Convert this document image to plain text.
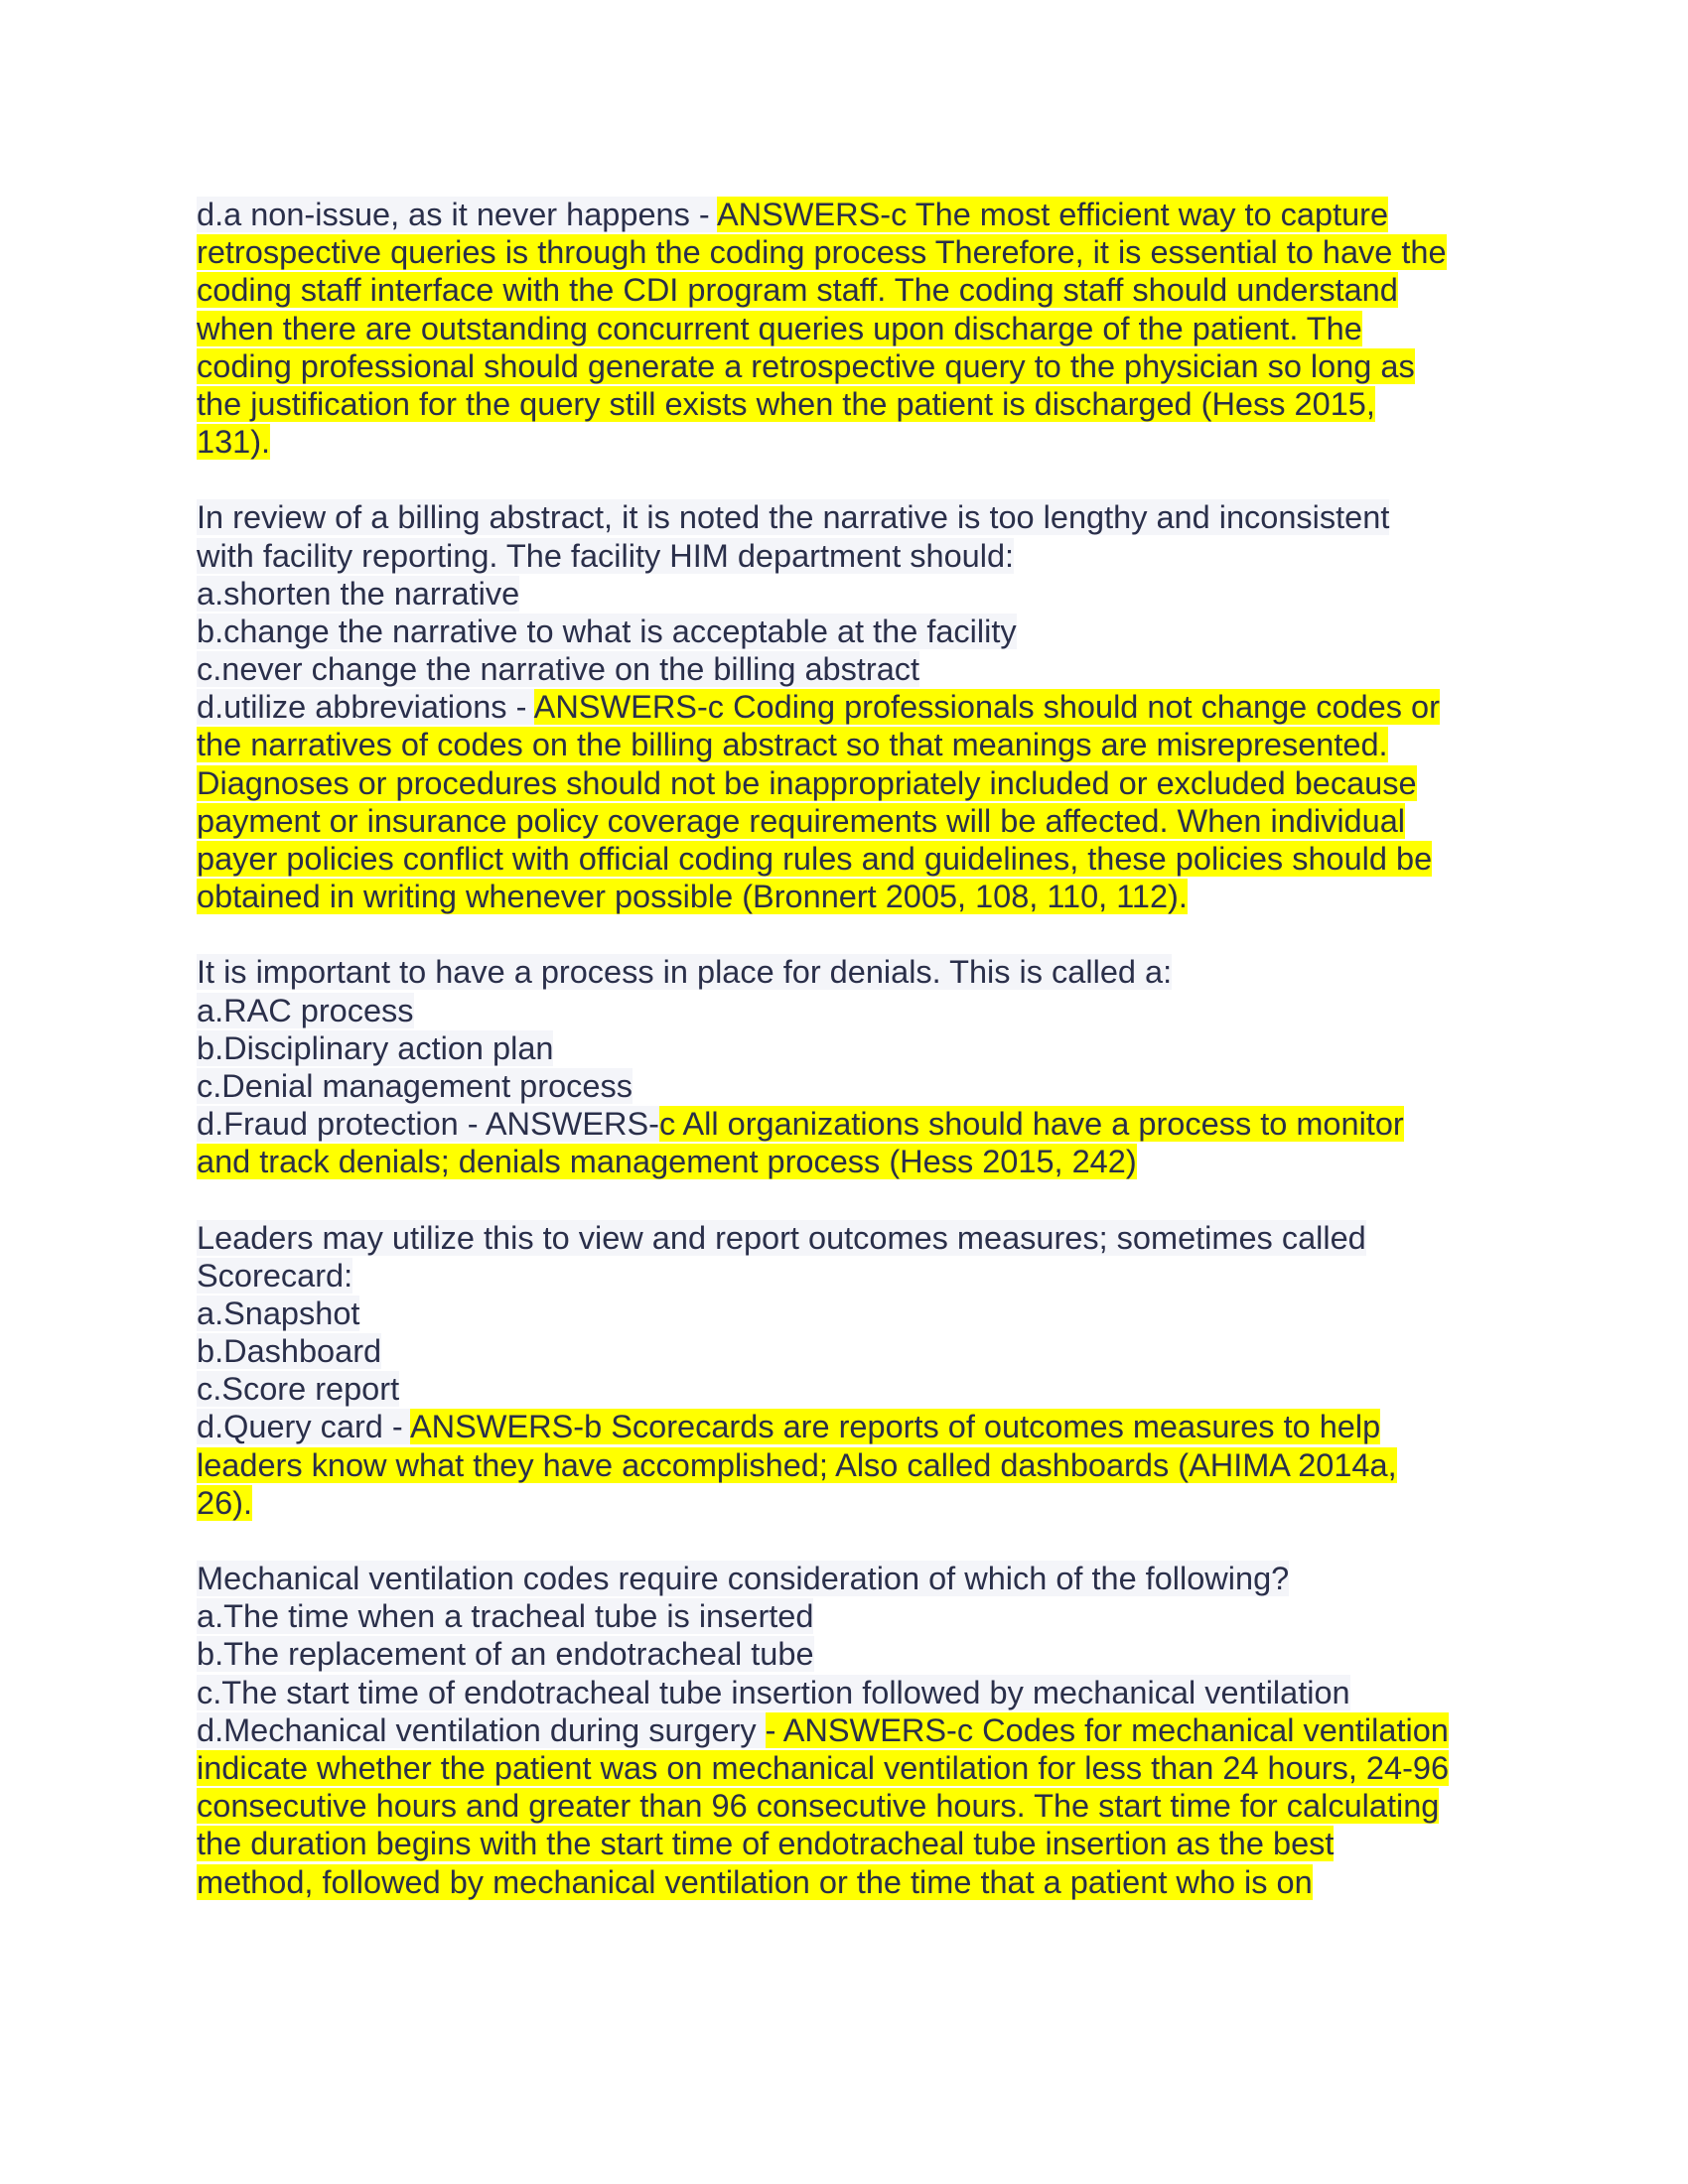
d.a non-issue, as it never happens - ANSWERS-c The most efficient way to capture
retrospective queries is through the coding process Therefore, it is essential to have the
coding staff interface with the CDI program staff. The coding staff should understand
when there are outstanding concurrent queries upon discharge of the patient. The
coding professional should generate a retrospective query to the physician so long as
the justification for the query still exists when the patient is discharged (Hess 2015,
131).
In review of a billing abstract, it is noted the narrative is too lengthy and inconsistent
with facility reporting. The facility HIM department should:
a.shorten the narrative
b.change the narrative to what is acceptable at the facility
c.never change the narrative on the billing abstract
d.utilize abbreviations - ANSWERS-c Coding professionals should not change codes or
the narratives of codes on the billing abstract so that meanings are misrepresented.
Diagnoses or procedures should not be inappropriately included or excluded because
payment or insurance policy coverage requirements will be affected. When individual
payer policies conflict with official coding rules and guidelines, these policies should be
obtained in writing whenever possible (Bronnert 2005, 108, 110, 112).
It is important to have a process in place for denials. This is called a:
a.RAC process
b.Disciplinary action plan
c.Denial management process
d.Fraud protection - ANSWERS-c All organizations should have a process to monitor
and track denials; denials management process (Hess 2015, 242)
Leaders may utilize this to view and report outcomes measures; sometimes called
Scorecard:
a.Snapshot
b.Dashboard
c.Score report
d.Query card - ANSWERS-b Scorecards are reports of outcomes measures to help
leaders know what they have accomplished; Also called dashboards (AHIMA 2014a,
26).
Mechanical ventilation codes require consideration of which of the following?
a.The time when a tracheal tube is inserted
b.The replacement of an endotracheal tube
c.The start time of endotracheal tube insertion followed by mechanical ventilation
d.Mechanical ventilation during surgery - ANSWERS-c Codes for mechanical ventilation
indicate whether the patient was on mechanical ventilation for less than 24 hours, 24-96
consecutive hours and greater than 96 consecutive hours. The start time for calculating
the duration begins with the start time of endotracheal tube insertion as the best
method, followed by mechanical ventilation or the time that a patient who is on
